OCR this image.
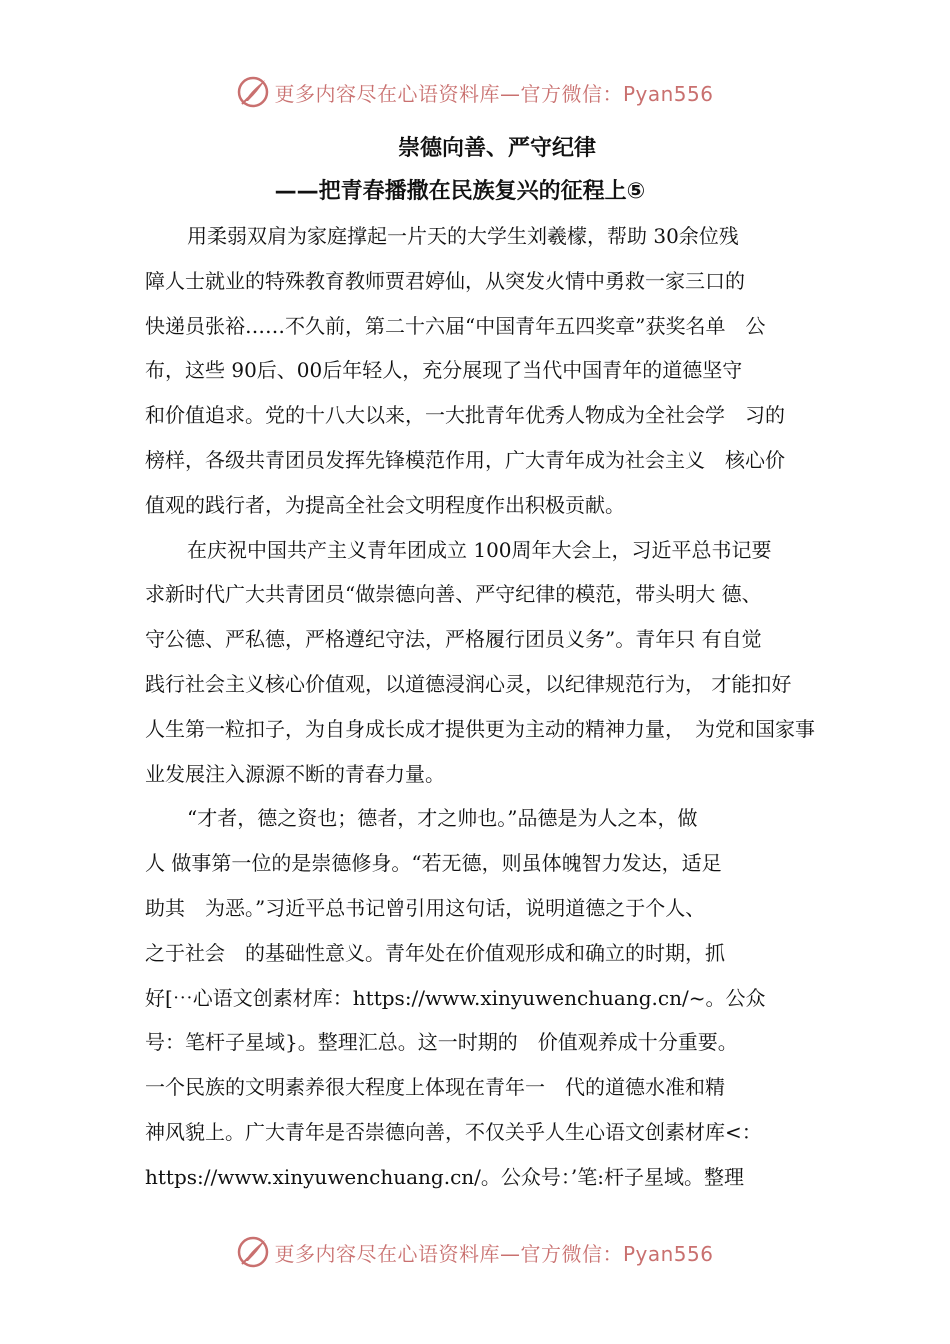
更多内容尽在心语资料库—官方微信：Pyan556
崇德向善、严守纪律
——把青春播撒在民族复兴的征程上⑤
用柔弱双肩为家庭撑起一片天的大学生刘羲檬，帮助 30余位残
障人士就业的特殊教育教师贾君婷仙，从突发火情中勇救一家三口的
快递员张裕……不久前，第二十六届“中国青年五四奖章”获奖名单　公
布，这些 90后、00后年轻人，充分展现了当代中国青年的道德坚守
和价值追求。党的十八大以来，一大批青年优秀人物成为全社会学　习的
榜样，各级共青团员发挥先锋模范作用，广大青年成为社会主义　核心价
值观的践行者，为提高全社会文明程度作出积极贡献。
在庆祝中国共产主义青年团成立 100周年大会上，习近平总书记要
求新时代广大共青团员“做崇德向善、严守纪律的模范，带头明大 德、
守公德、严私德，严格遵纪守法，严格履行团员义务”。青年只 有自觉
践行社会主义核心价值观，以道德浸润心灵，以纪律规范行为， 才能扣好
人生第一粒扣子，为自身成长成才提供更为主动的精神力量，　为党和国家事
业发展注入源源不断的青春力量。
“才者，德之资也；德者，才之帅也。”品德是为人之本，做
人 做事第一位的是崇德修身。“若无德，则虽体魄智力发达，适足
助其　为恶。”习近平总书记曾引用这句话，说明道德之于个人、
之于社会　的基础性意义。青年处在价值观形成和确立的时期，抓
好[⋯心语文创素材库：https://www.xinyuwenchuang.cn/~。公众
号：笔杆子星域}。整理汇总。这一时期的　价值观养成十分重要。
一个民族的文明素养很大程度上体现在青年一　代的道德水准和精
神风貌上。广大青年是否崇德向善，不仅关乎人生心语文创素材库<：
https://www.xinyuwenchuang.cn/。公众号：’笔:杆子星域。整理
更多内容尽在心语资料库—官方微信：Pyan556
